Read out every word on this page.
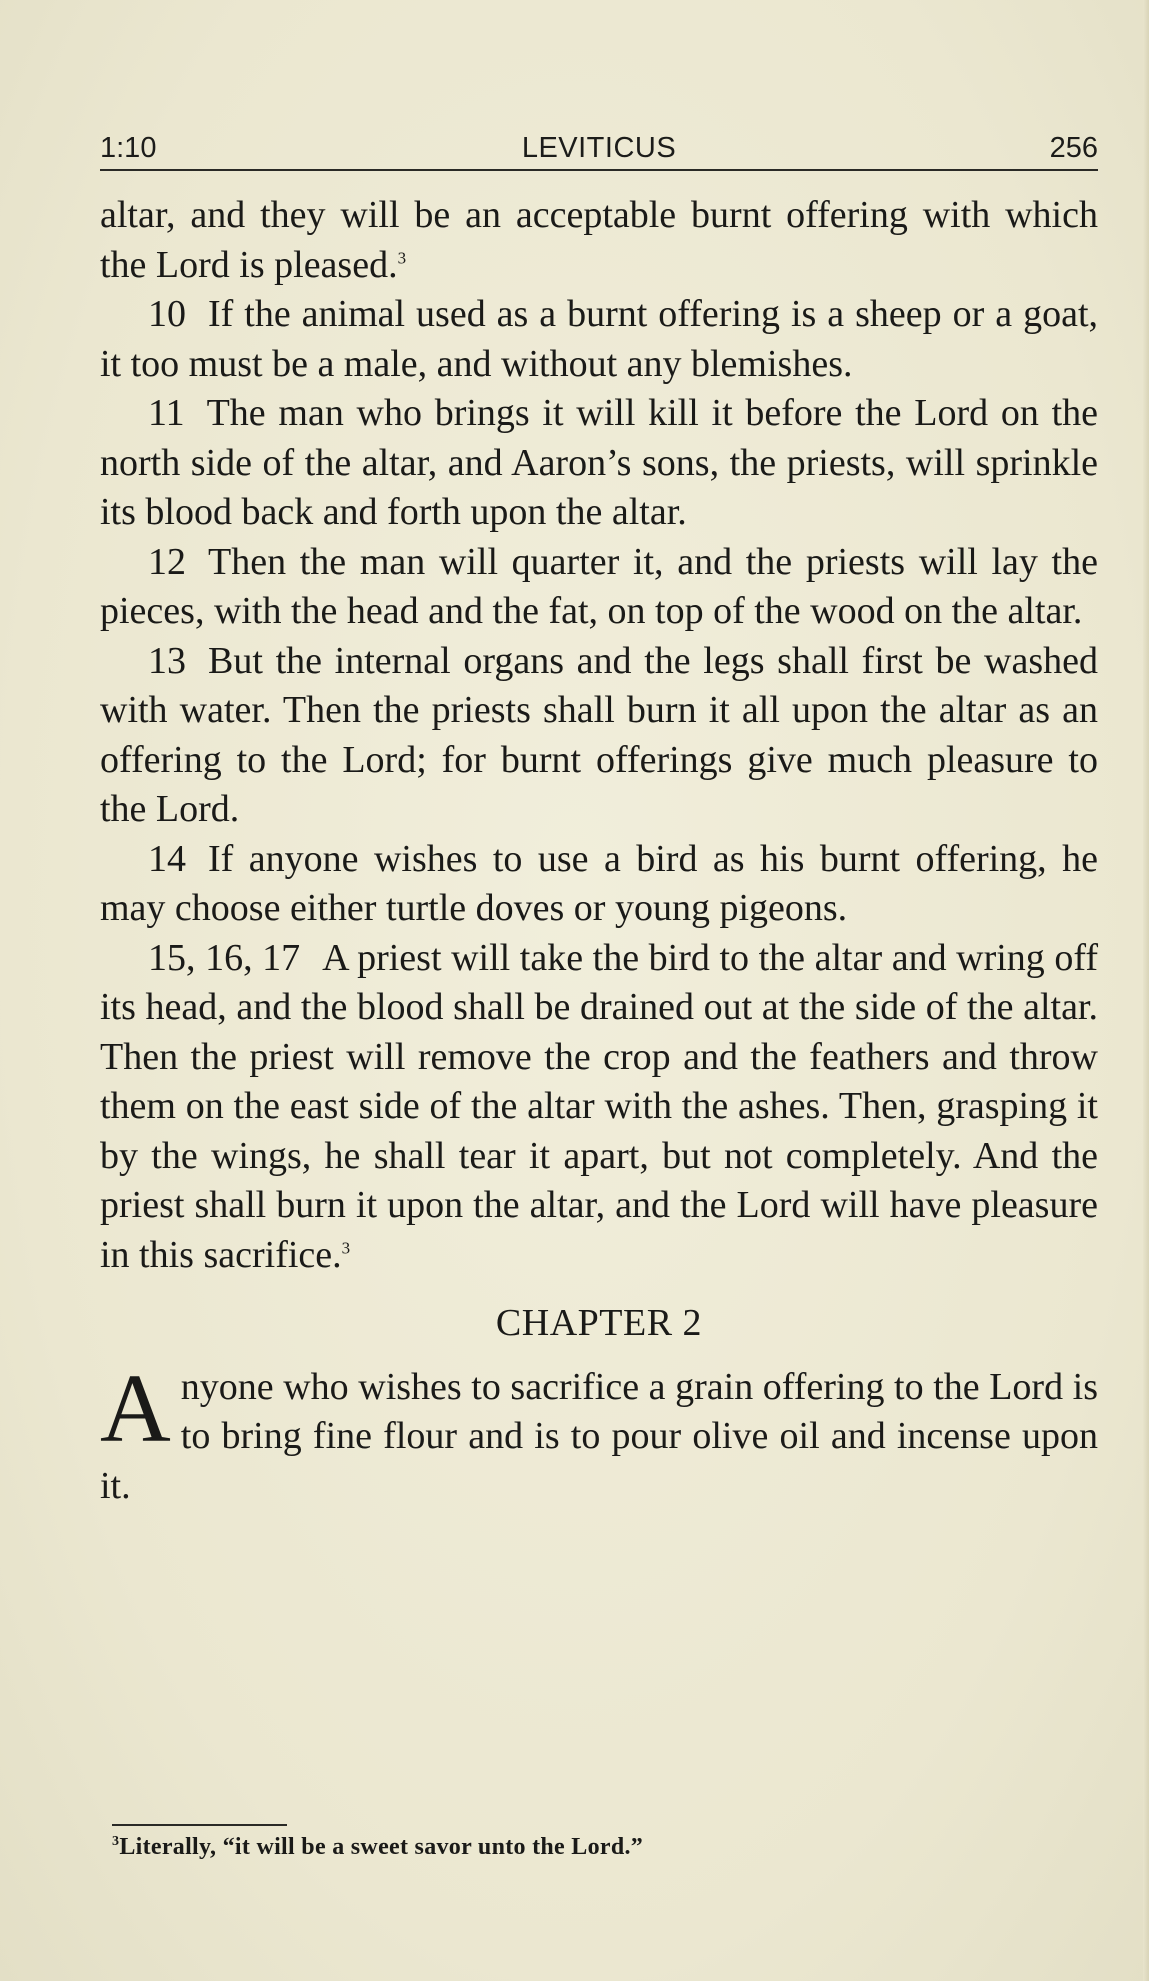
LEVITICUS
1:10	256

altar, and they will be an acceptable burnt offering with which the Lord is pleased.$^3$

10 If the animal used as a burnt offering is a sheep or a goat, it too must be a male, and without any blemishes.

11 The man who brings it will kill it before the Lord on the north side of the altar, and Aaron’s sons, the priests, will sprinkle its blood back and forth upon the altar.

12 Then the man will quarter it, and the priests will lay the pieces, with the head and the fat, on top of the wood on the altar.

13 But the internal organs and the legs shall first be washed with water. Then the priests shall burn it all upon the altar as an offering to the Lord; for burnt offerings give much pleasure to the Lord.

14 If anyone wishes to use a bird as his burnt offering, he may choose either turtle doves or young pigeons.

15, 16, 17 A priest will take the bird to the altar and wring off its head, and the blood shall be drained out at the side of the altar. Then the priest will remove the crop and the feathers and throw them on the east side of the altar with the ashes. Then, grasping it by the wings, he shall tear it apart, but not completely. And the priest shall burn it upon the altar, and the Lord will have pleasure in this sacrifice.$^3$

CHAPTER 2

Anyone who wishes to sacrifice a grain offering to the Lord is to bring fine flour and is to pour olive oil and incense upon it.

$^3$Literally, “it will be a sweet savor unto the Lord.”
